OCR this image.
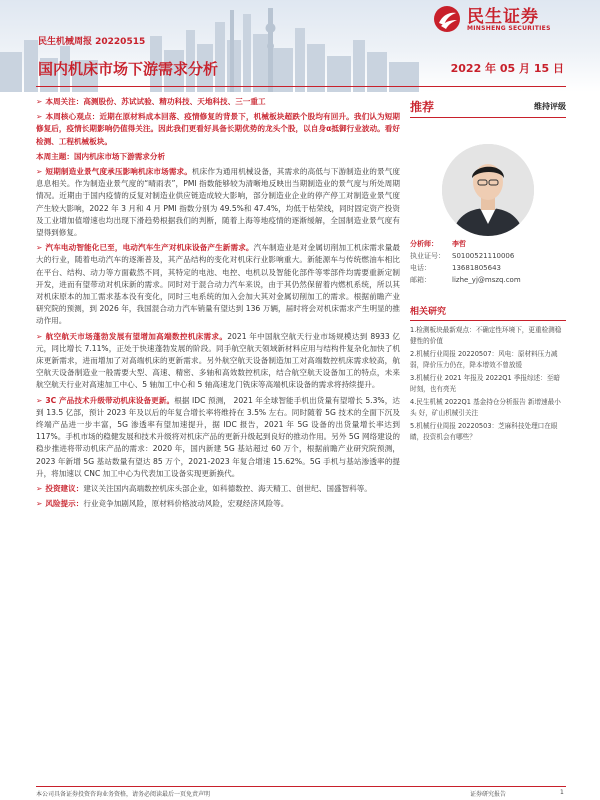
民生证券
MINSHENG SECURITIES
民生机械周报 20220515
国内机床市场下游需求分析	2022 年 05 月 15 日

➢ 本周关注：高测股份、苏试试验、精功科技、天地科技、三一重工

➢ 本周核心观点：近期在原材料成本回落、疫情修复的背景下，机械板块超跌个股均有回升。我们认为短期修复后，疫情长期影响仍值得关注。因此我们更看好具备长期优势的龙头个股，以自身α抵御行业波动。看好检测、工程机械板块。

本周主题：国内机床市场下游需求分析

➢ 短期制造业景气度承压影响机床市场需求。机床作为通用机械设备，其需求的高低与下游制造业的景气度息息相关。作为制造业景气度的“晴雨表”，PMI 指数能够较为清晰地反映出当期制造业的景气度与所处周期情况。近期由于国内疫情的反复对制造业供应链造成较大影响，部分制造业企业的停产停工对制造业景气度产生较大影响，2022 年 3 月和 4 月 PMI 指数分别为 49.5%和 47.4%，均低于枯荣线，同时固定资产投资及工业增加值增速也均出现下滑趋势根据我们的判断，随着上海等地疫情的逐渐缓解，全国制造业景气度有望得到修复。

➢ 汽车电动智能化已至，电动汽车生产对机床设备产生新需求。汽车制造业是对金属切削加工机床需求量最大的行业，随着电动汽车的逐渐普及，其产品结构的变化对机床行业影响重大。新能源车与传统燃油车相比在平台、结构、动力等方面截然不同，其特定的电池、电控、电机以及智能化部件等零部件均需要重新定制开发，进而有望带动对机床新的需求。同时对于混合动力汽车来说，由于其仍然保留着内燃机系统，所以其对机床原本的加工需求基本没有变化，同时三电系统的加入会加大其对金属切削加工的需求。根据前瞻产业研究院的预测，到 2026 年，我国混合动力汽车销量有望达到 136 万辆，届时将会对机床需求产生明显的推动作用。

➢ 航空航天市场蓬勃发展有望增加高端数控机床需求。2021 年中国航空航天行业市场规模达到 8933 亿元，同比增长 7.11%，正处于快速蓬勃发展的阶段。同手航空航天领域新材料应用与结构件复杂化加快了机床更新需求，进而增加了对高端机床的更新需求。另外航空航天设备制造加工对高端数控机床需求较高，航空航天设备制造业一般需要大型、高速、精密、多轴和高效数控机床，结合航空航天设备加工的特点，未来航空航天行业对高速加工中心、5 轴加工中心和 5 轴高速龙门铣床等高端机床设备的需求将持续提升。

➢ 3C 产品技术升级带动机床设备更新。根据 IDC 预测， 2021 年全球智能手机出货量有望增长 5.3%，达到 13.5 亿部，预计 2023 年及以后的年复合增长率将维持在 3.5% 左右。同时随着 5G 技术的全面下沉及终端产品进一步丰富，5G 渗透率有望加速提升，据 IDC 报告，2021 年 5G 设备的出货量增长率达到117%。手机市场的稳健发展和技术升级将对机床产品的更新升级起到良好的推动作用。另外 5G 网络建设的稳步推进将带动机床产品的需求：2020 年，国内新建 5G 基站超过 60 万个，根据前瞻产业研究院预测，2023 年新增 5G 基站数量有望达 85 万个，2021-2023 年复合增速 15.62%。5G 手机与基站渗透率的提升，将加速以 CNC 加工中心为代表加工设备实现更新换代。

➢ 投资建议：建议关注国内高端数控机床头部企业，如科德数控、海天精工、创世纪、国盛智科等。

➢ 风险提示：行业竞争加剧风险，原材料价格波动风险，宏观经济风险等。

推荐	维持评级
分析师： 李哲
执业证号： S0100521110006
电话：	13681805643
邮箱：	lizhe_yj@mszq.com
相关研究
1.检测板块最新观点：不确定性环境下，更重检测稳健性的价值
2.机械行业周报 20220507：风电：原材料压力减弱，降价压力仍在，降本增效不曾放缓
3.机械行业 2021 年报及 2022Q1 季报综述：至暗时刻，也有亮光
4.民生机械 2022Q1 基金持仓分析报告 新增速最小头 好，矿山机械引关注
5.机械行业周报 20220503：芝麻科技处理口在眼睛，投资机会有哪些？
本公司具备证券投资咨询业务资格，请务必阅读最后一页免责声明	证券研究报告	1
